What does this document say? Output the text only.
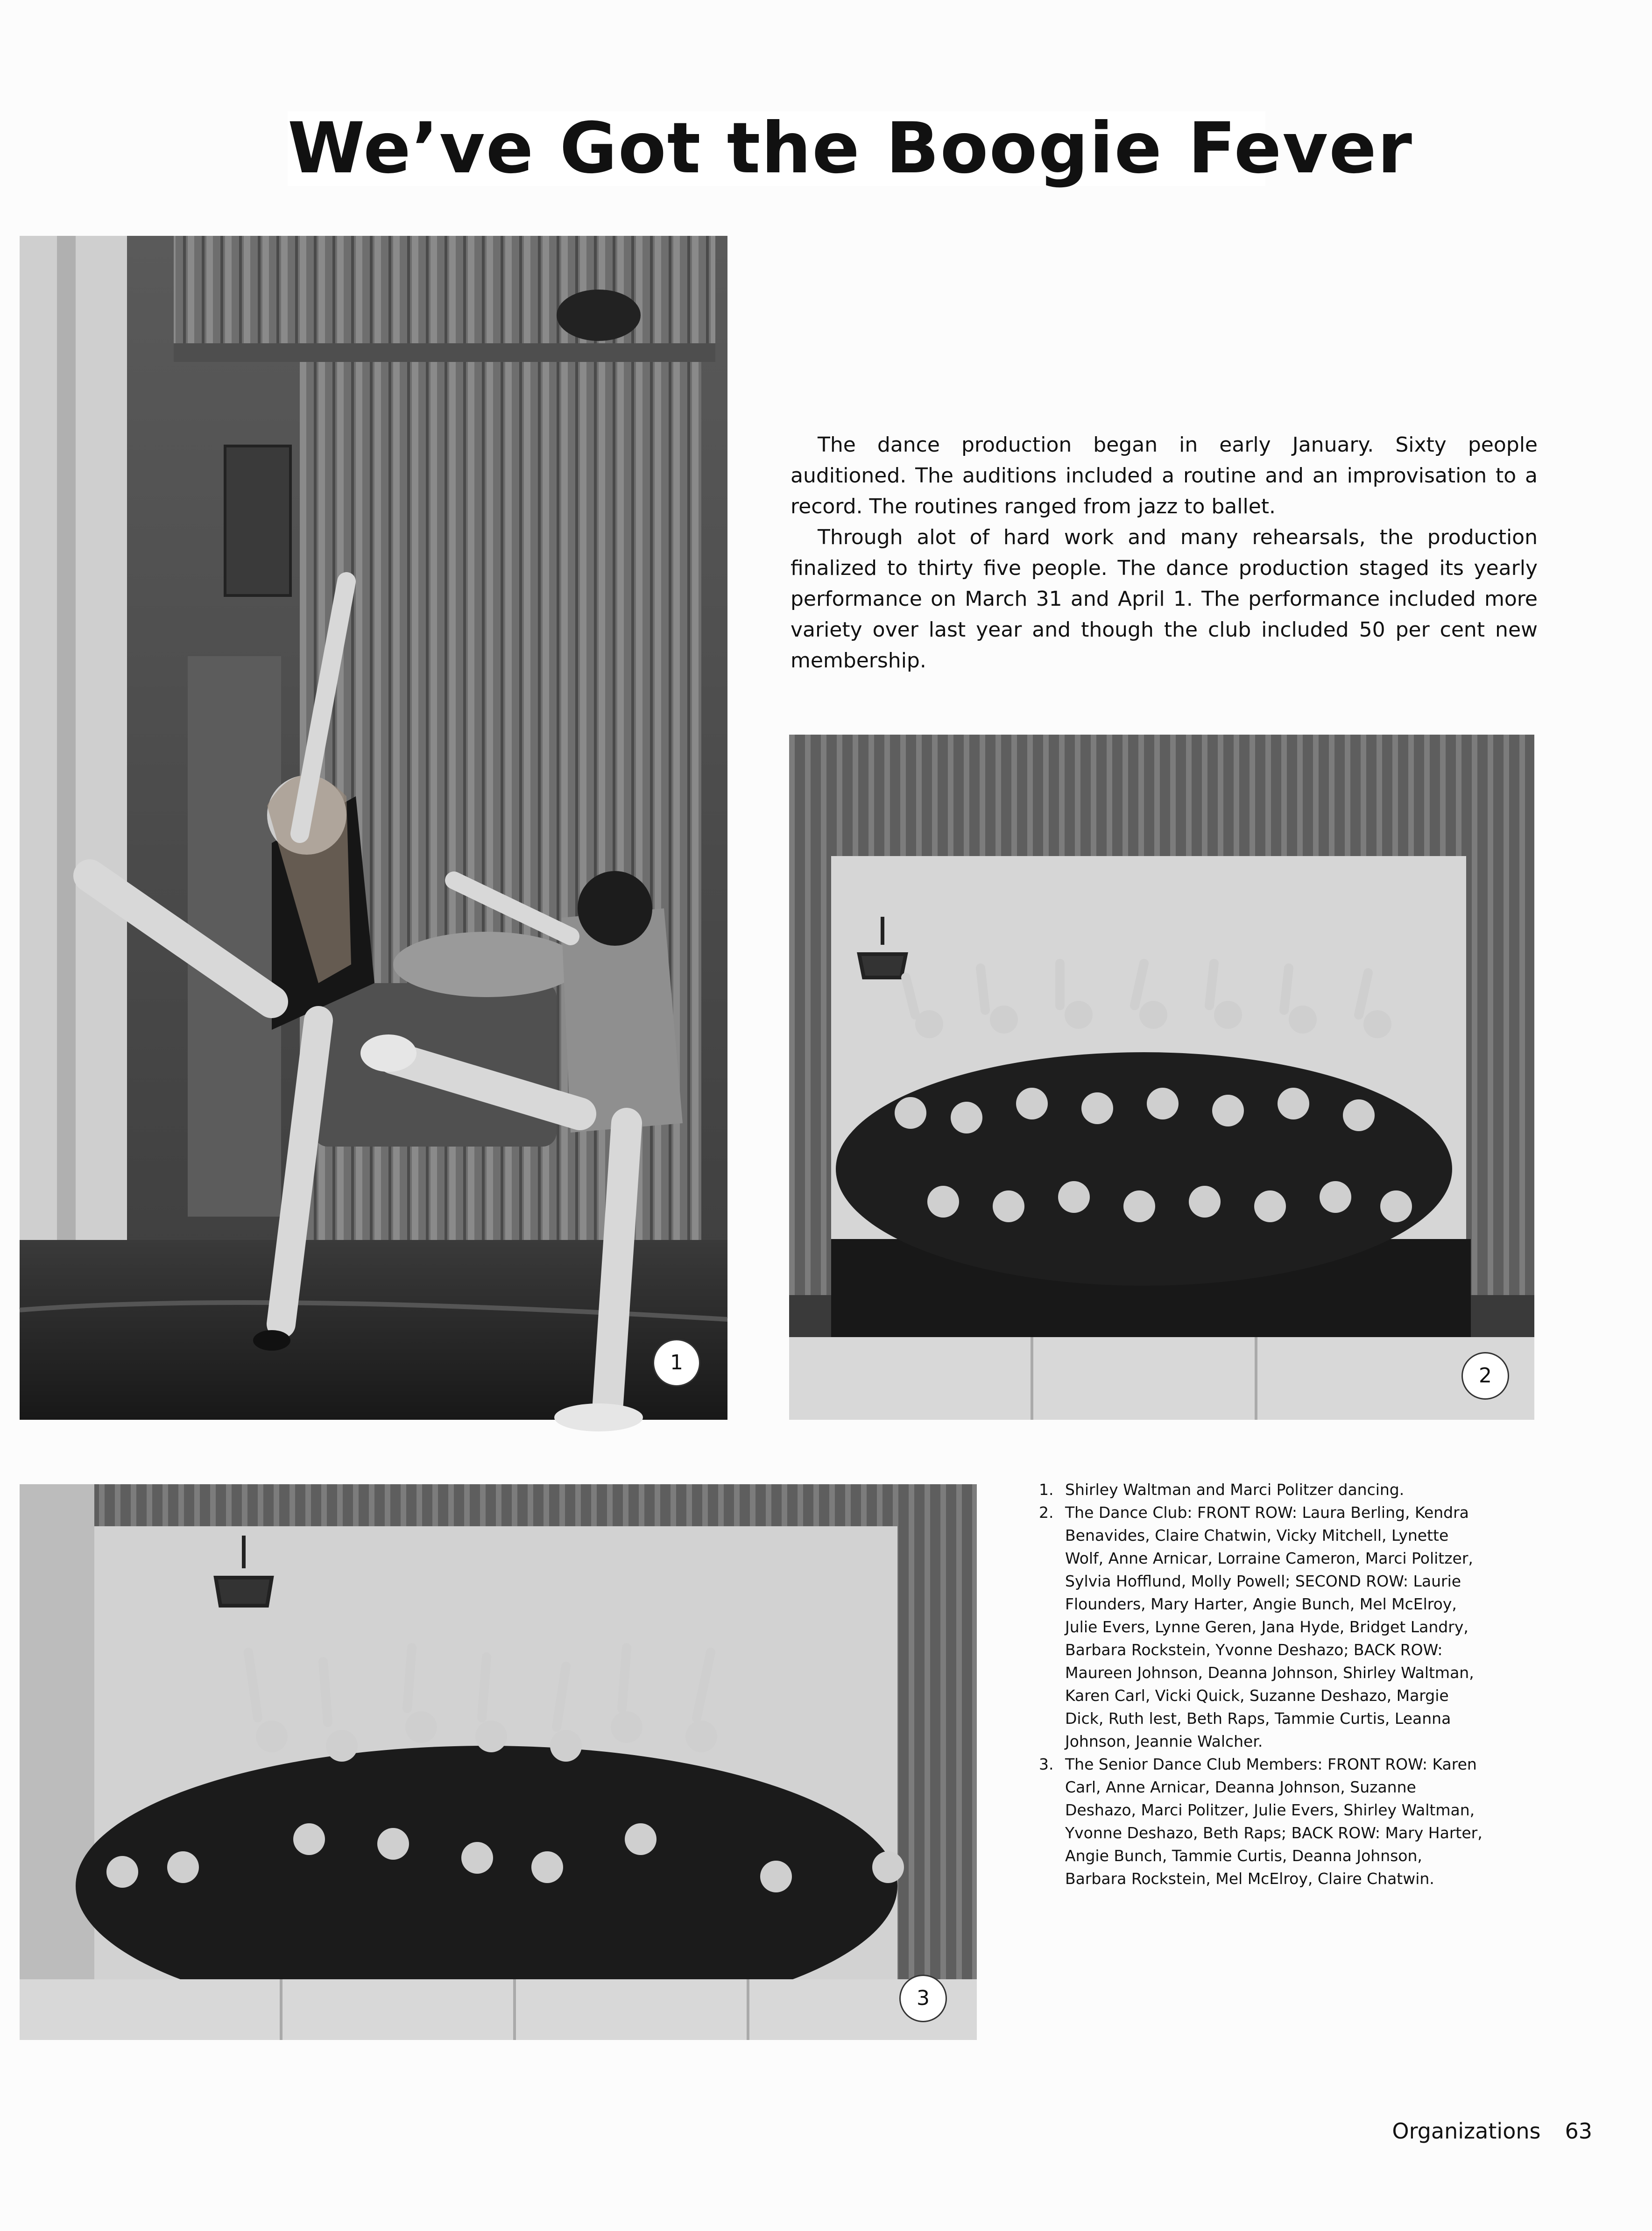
We’ve Got the Boogie Fever
1
2
3

The dance production began in early January. Sixty people auditioned. The auditions included a routine and an improvisation to a record. The routines ranged from jazz to ballet.

Through alot of hard work and many rehearsals, the production finalized to thirty five people. The dance production staged its yearly performance on March 31 and April 1. The performance included more variety over last year and though the club included 50 per cent new membership.

1. Shirley Waltman and Marci Politzer dancing.
2. The Dance Club: FRONT ROW: Laura Berling, Kendra Benavides, Claire Chatwin, Vicky Mitchell, Lynette Wolf, Anne Arnicar, Lorraine Cameron, Marci Politzer, Sylvia Hofflund, Molly Powell; SECOND ROW: Laurie Flounders, Mary Harter, Angie Bunch, Mel McElroy, Julie Evers, Lynne Geren, Jana Hyde, Bridget Landry, Barbara Rockstein, Yvonne Deshazo; BACK ROW: Maureen Johnson, Deanna Johnson, Shirley Waltman, Karen Carl, Vicki Quick, Suzanne Deshazo, Margie Dick, Ruth lest, Beth Raps, Tammie Curtis, Leanna Johnson, Jeannie Walcher.
3. The Senior Dance Club Members: FRONT ROW: Karen Carl, Anne Arnicar, Deanna Johnson, Suzanne Deshazo, Marci Politzer, Julie Evers, Shirley Waltman, Yvonne Deshazo, Beth Raps; BACK ROW: Mary Harter, Angie Bunch, Tammie Curtis, Deanna Johnson, Barbara Rockstein, Mel McElroy, Claire Chatwin.
Organizations 63
